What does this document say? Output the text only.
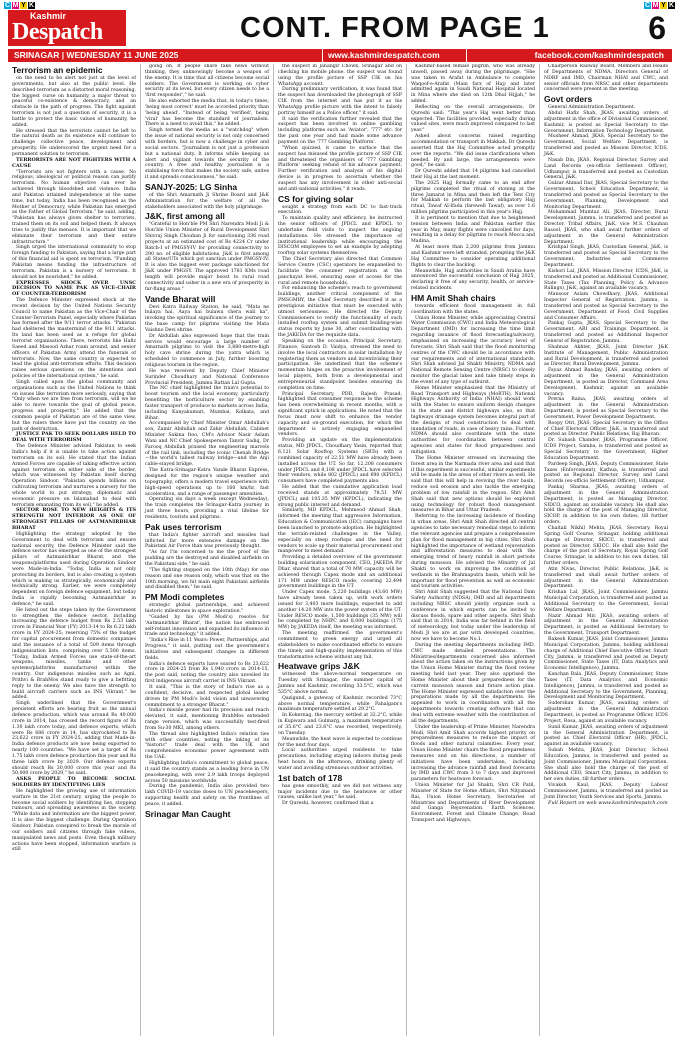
C M Y K	C M Y K
Kashmir
Despatch	CONT. FROM PAGE 1	6
SRINAGAR | WEDNESDAY 11 JUNE 2025	www.kashmirdespatch.com	facebook.com/kashmirdespatch
Terrorism an epidemic

on the need to be alert not just at the level of governments, but also at the public level. He described terrorism as a distorted moral reasoning, the biggest curse on humanity, a major threat to peaceful co-existence & democracy, and an obstacle in the path of progress. The fight against terrorism is not just a question of security, it is a battle to protect the basic values of humanity, he added.

He stressed that the terrorists cannot be left to the natural death as its existence will continue to challenge collective peace, development and prosperity. He underscored the urgent need for a permanent solution to terrorism.

TERRORISTS ARE NOT FIGHTERS WITH A CAUSE

"Terrorists are not fighters with a cause. No religious, ideological or political reason can justify terrorism. No human objective can ever be achieved through bloodshed and violence. India and Pakistan attained independence at the same time, but today, India has been recognised as the Mother of Democracy, while Pakistan has emerged as the Father of Global Terrorism," he said, adding, "Pakistan has always given shelter to terrorists, trained them on its soil and helped them. It always tries to justify this menace. It is important that we eliminate their terrorism and their entire infrastructure."

Singh urged the international community to stop foreign funding to Pakistan, saying that a large part of this financial aid is spent on terrorism. "Funding Pakistan means funding the infrastructure of terrorism. Pakistan is a nursery of terrorism. It should not be nourished," he added.

EXPRESSES SHOCK OVER UNSC DECISION TO NAME PAK AS VICE-CHAIR OF COUNTER-TERRORISM

The Defence Minister expressed shock at the recent decision by the United Nations Security Council to name Pakistan as the Vice-Chair of the Counter-Terrorism Panel, especially where Pakistan has formed after the 9/11 terror attacks. "Pakistan had sheltered the mastermind of the 9/11 attacks. Its land has been used as a refuge for global terrorist organisations. There, terrorists like Hafiz Saeed and Masood Azhar roam around, and senior officers of Pakistan Army attend the funerals of terrorists. Now, the same country is expected to lead the global anti-terrorism efforts. This decision raises serious questions on the intentions and policies of the international system," he said.

Singh called upon the global community and organisations such as the United Nations to think on issues like terrorism more seriously, saying that "Only when we are free from terrorism, will we be able to move towards the goal of global peace, progress and prosperity." He added that the common people of Pakistan are of the same view, but the rulers there have put the country on the path of destruction.

JUSTICE PAK TO SEEK DOLLARS HELD TO DEAL WITH TERRORISM

The Defence Minister advised Pakistan to seek India's help if it is unable to take action against terrorism on its soil. He stated that the Indian Armed Forces are capable of taking effective action against terrorism on either side of the border, which was witnessed by Pakistan itself during Operation Sindoor. "Pakistan spends billions on cultivating terrorism and nurtures a nursery for the whole world to put strategy, diplomatic and economic pressure on Islamabad to deal with terrorism emanating from its soil," he added.

SECTOR ROSE TO NEW HEIGHTS & ITS STRENGTH NOT INFERIOR AS ONE OF STRONGEST PILLARS OF AATMANIRBHAR BHARAT

Highlighting the strategy adopted by the Government to deal with terrorism and ensure national security, the Defence Minister said the defence sector has emerged as one of the strongest pillars of Aatmanirbhar Bharat, and the weapons/platforms used during Operation Sindoor were Made-in-India. "Today, India is not only protecting its borders, but is also creating a system which is making us strategically, economically and technically strong. Earlier, we were completely dependent on foreign defence equipment, but today India is rapidly becoming Aatmanirbhar in defence," he said.

He listed out the steps taken by the Government to strengthen the defence sector, including increasing the defence budget from Rs 2.53 lakh crore in Financial Year (FY) 2013-14 to Rs 6.22 lakh crore in FY 2024-25; reserving 75% of the budget for capital procurement from domestic companies and the issuance of a total of 509 items through indigenisation lists, comprising over 5,500 items. "Today, Indian Armed Forces use state-of-the-art weapons, missiles, tanks and other systems/platforms manufactured within the country. Our indigenous missiles such as Agni, Prithvi & BrahMos stand ready to give a befitting reply to the enemy. We also have the strength to build aircraft carriers such as INS Vikrant," he added.

Singh underlined that the Government's persistent efforts are bearing fruit as the annual defence production, which was around Rs 40,000 crore in 2014, has crossed the record figure of Rs 1.30 lakh crore today, and defence exports, which were Rs 686 crore in 14, has skyrocketed to Rs 23,622 crore in FY 2024-25, adding that Made-in-India defence products are now being exported to nearly 100 countries. "We have set a target of Rs 1.75 lakh crore defence production this year and Rs three lakh crore by 2029. Our defence exports should reach Rs 30,000 crore this year and Rs 50,000 crore by 2029," he said.

ASKS PEOPLE TO BECOME SOCIAL SOLDIERS BY IDENTIFYING LIES

He highlighted the growing use of information warfare in the 21st century, urging the people to become social soldiers by identifying lies, stopping rumours, and spreading awareness in the society. "While data and information are the biggest power, it is also the biggest challenge. During Operation Sindoor, Pakistan conspired to break the morale of our soldiers and citizens through fake videos, manipulated news and posts. Even though military actions have been stopped, information warfare is still

going on. If people share fake news without thinking, they unknowingly become a weapon of the enemy. It is time that all citizens become social soldiers. The Government is working on cyber security at its level, but every citizen needs to be a 'first responder'," he said.

He also exhorted the media that, in today's times, 'being most correct' must be accorded priority than 'being ahead'. "Instead of being 'verified', being 'viral' has become the standard of journalism. There is a need to avoid this," he added.

Singh termed the media as a "watchdog" when the issue of national security is not only concerned with borders, but is now a challenge in cyber and social sectors. "Journalism is not just a profession but a national duty. It informs while keeping us alert and vigilant towards the security of the country. A free and healthy journalism is a stabilising force that makes the society safe, unites it and spreads consciousness," he said.

SANJY-2025: LG Sinha

of the Shri Amarnath Ji Shrine Board and J&K Administration for the welfare of all the stakeholders associated with the holy pilgrimage.

J&K, first among all

"Grateful to Hon'ble PM Shri Narendra Modi Ji & Hon'ble Union Minister of Rural Development Shri Shivraj Singh Chouhan Ji for sanctioning 336 road projects at an estimated cost of Rs 4224 Cr under Batch-I of PMGSY-IV for providing connectivity to 290 no. of eligible habitations. J&K is first among all States/UTs which got sanction under PMGSY-IV. It is also the biggest ever package sanctioned for J&K under PMGSY. The approved 1781 KMs road length will provide major boost to rural road connectivity and usher in a new era of prosperity in far-flung areas."

Vande Bharat will

Devi Katra Railway Station, he said, "Mata ne bulaya hai, Aaya hai bulawa chera wali ka", invoking the spiritual significance of the journey to the base camp for pilgrims visiting the Mata Vaishno Devi shrine.

Dr Abdullah also expressed hope that the train service would encourage a large number of Amarnath pilgrims to visit the 3,880-metre-high holy cave shrine during the yatra which is scheduled to commence in July, further boosting religious tourism in the region.

He was received by Deputy Chief Minister Surinder Choudhary and National Conference Provincial President, Jammu Rattan Lal Gupta.

The NC chief highlighted the train's potential to boost tourism and the local economy, particularly benefiting the horticulture sector by enabling faster transport of produce to markets across India, including Kanyakumari, Mumbai, Kolkata, and Bihar.

Accompanied by Chief Minister Omar Abdullah's son, Zamir Abdullah and Zahir Abdullah, Cabinet Minister Sakina Itoo, CM's Advisor Nasir Aslam Wani and NC Chief Spokesperson Tanvir Sadiq, Dr Farooq Abdullah praised the engineering marvels of the rail link, including the iconic Chenab Bridge—the world's tallest railway bridge—and the Anji cable-stayed bridge.

The Katra-Srinagar-Katra Vande Bharat Express, designed for the region's unique weather and topography, offers a modern travel experience with high-speed operations up to 160 km/hr, fast acceleration, and a range of passenger amenities.

Operating six days a week (except Wednesday), the train completes the Srinagar-Katra journey in just three hours, providing a vital lifeline for residents, tourists and pilgrims.

Pak uses terrorism

that India's fighter aircraft and missiles had inflicted far more extensive damage on the Pakistani Air Force than was previously thought.

"As far I'm concerned to me the proof of the pudding are the destroyed and disabled airfields on the Pakistani side," he said.

"The fighting stopped on the 10th (May) for one reason and one reason only, which was that on the 10th morning, we hit main eight Pakistani airfields and disabled them," he said.

PM Modi completes

strategic global partnerships, and achieved historic milestones in space exploration."

"Guided by his (PM Modi's) resolve for 'Aatmanirbhar Bharat', the nation has embraced self-reliant innovation and expanded its influence in trade and technology," it added.

"India's Rise in 11 Years: Power, Partnerships, and Progress," it said, putting out the government's initiatives and subsequent changes in different fields.

India's defence exports have soared to Rs 23,622 crore in 2024-25 from Rs 1,940 crore in 2014-15, the post said, noting the country also unveiled its first indigenous aircraft carrier in INS Vikrant.

It said, "This is the story of India's rise as a confident, decisive, and respected global leader driven by PM Modi's bold vision and unwavering commitment to a stronger Bharat."

India's missile power had its precision and reach elevated, it said, mentioning BrahMos extended range version, which was successfully test-fired from Su-30 MKI, among others.

The thread also highlighted India's relation ties with other countries, noting the inking of its "historic" trade deal with the UK and comprehensive economic power agreement with the UAE.

Highlighting India's commitment to global peace, it said the country stands as a leading force in UN peacekeeping, with over 2.9 lakh troops deployed across 50 missions worldwide.

During the pandemic, India also provided two lakh COVID-19 vaccine doses to UN peacekeepers, supporting health and safety on the frontlines of peace, it added.

Srinagar Man Caught

the suspect in Jahangir Chowk, Srinagar and on checking his mobile phone, the suspect was found using the profile picture of SSP CIK on his WhatsApp account.

During preliminary verification, it was found that the suspect has downloaded the photograph of SSP CIK from the internet and has put it as his WhatsApp profile picture with the intent to falsely portray himself as a Police officer," it said.

It said the verification further revealed that the suspect has been involved in online gambling including platforms such as 'Aviator', '777' etc. for the past one year and had made some advance payment on the '777 Gambling Platform'.

"When quizzed, it came to surface that the suspect has misused the profile picture of SSP CIK and threatened the organisers of '777 Gambling Platform' seeking refund of his advance payment. Further verification and analysis of his digital device is in progress to ascertain whether the suspect has any involvement in other anti-social and anti-national activities," it reads.

CS for giving solar

sought a strategy from each DC to fast-track execution.

To maintain quality and efficiency, he instructed the senior officers of JPDCL and KPDCL to undertake field visits to inspect the ongoing installations. He stressed the importance of institutional leadership while encouraging the DISCOM employees to set an example by adopting rooftop solar systems themselves.

The Chief Secretary also directed that Common Service Centre (CSC) operators be empanelled to facilitate the consumer registration at the panchayat level, ensuring ease of access for the rural and remote households.

For enhancing the scheme's reach to government buildings, another critical component of the PMSGMBY, the Chief Secretary described it as a prestigious initiative that must be executed with utmost seriousness. He directed the Deputy Commissioners to verify the functionality of such installed rooftop system and submit building-wise status reports by June 30, after coordinating with the JAKEDA for the requisite data.

Speaking on the occasion, Principal Secretary, Finance, Santosh D. Vaidya, stressed the need to involve the local contractors in solar installation by registering them as vendors and incentivising their participation. He underlined that the scheme's momentum hinges on the proactive involvement of local players, both from a developmental and entrepreneurial standpoint besides ensuring its completion on time.

Principal Secretary, PDD, Rajesh Prasad, highlighted that consumer response to the scheme has been overwhelming in recent months, with a significant uptick in applications. He noted that the focus must now shift to enhance the vendor capacity and on-ground execution, for which the department is actively engaging empanelled vendors.

Providing an update on the implementation status, MD JPDCL, Choudhary Yasin, reported that 6,121 Solar Rooftop Systems (SRTs) with a combined capacity of 22.51 MW have already been installed across the UT. So far, 12,208 consumers under JPDCL and 8,108 under JPDCL have selected their vendors, while 802 (JPDCL) and 690 (KPDCL) consumers have completed payments also.

He added that the cumulative application load received stands at approximately 78.51 MW (JPDCL) and 105.35 MW (KPDCL), indicating the strong public interest and demand.

Similarly, MD KPDCL, Mehmood Ahmad Shah, informed the meeting that aggressive Information, Education & Communication (IEC) campaigns have been launched to promote adoption. He highlighted the terrain-related challenges in the Valley, especially on steep rooftops and the need for vendors to scale up their material procurement and manpower to meet demand.

Providing a detailed overview of the government building solarisation component, CEO, JAKEDA Pir Dhar, shared that a total of 70 MW capacity will be achieved through Capex mode and an additional 171 MW under RESCO mode, covering 22,494 government buildings in the UT.

Under Capex mode, 5,220 buildings (43.60 MW) have already been taken up, with work orders issued for 3,403 more buildings, expected to add another 14.20 MW into the power system of the UT. Under RESCO mode, 1,500 buildings (35 MW) will be completed by NHPC and 8,000 buildings (175 MW) by JAKEDA itself, the meeting was informed.

The meeting reaffirmed the government's commitment to green energy and urged all stakeholders to make coordinated efforts to ensure the timely and high-quality implementation of this transformative scheme without any fail.

Heatwave grips J&K

witnessed the above-normal temperature on Tuesday with Srinagar, the summer capital of Jammu and Kashmir, recording 33.5°C, which was 535°C above normal.

Qazigund, a gateway of Kashmir, recorded 73°C above normal temperature, while Pahalgam's maximum temperature settled at 29.2°C.

In Kokernag, the mercury settled at 32.2°C, while in Kupwara and Gulmarg, a maximum temperature of 35.6°C and 23.6°C was recorded, respectively, on Tuesday.

Meanwhile, the heat wave is expected to continue for the next four days.

Local authorities urged residents to take precautions, including staying indoors during peak heat hours in the afternoon, drinking plenty of water and avoiding strenuous outdoor activities.

1st batch of 178

has gone smoothly, and we did not witness any major incidents due to the heatwave or other causes, unlike last year," he said.

Dr Qureshi, however, confirmed that a

Kashmir-based female pilgrim, who was already unwell, passed away during the pilgrimage. "She was taken to Arafat in Ambulance to complete Waqoof-e-Arafat (Main farz of Haj) and later admitted again in Saudi National Hospital located in Mina where she died on 12th Dhul Hijjah," he added.

Reflecting on the overall arrangements, Dr Qureshi said: "This year's Haj went better than expected. The facilities provided, especially during valued sites, were much improved compared to last year."

Asked about concerns raised regarding accommodation or transport in Makkah, Dr Qureshi asserted that the Haj Committee acted promptly over the reports. "We did issue clarifications when needed. By and large, the arrangements were good," he said.

Dr Qureshi added that 14 pilgrims had cancelled their Haj at the last moment.

The 2025 Hajj formally came to an end after pilgrims completed the ritual of stoning at the three Jamarat in Mina and then left the Tent City for Makkah to perform the last obligatory Hajj ritual, Tawaf Al-Ifada (farewell Tawaf), as over 1.6 million pilgrims participated in this year's Hajj.

It is pertinent to mention that due to heightened tension between India and Pakistan earlier this year in May, many flights were cancelled for days, resulting in a delay for pilgrims to reach Mecca and Madina.

At least more than 2,200 pilgrims from Jammu and Kashmir were left stranded, prompting the J&K Haj Committee to consider operating additional flights to clear the backlog.

Meanwhile, Hajj authorities in Saudi Arabia have announced the successful conclusion of Hajj 2025, declaring it free of any security, health, or service-related incidents.

HM Amit Shah chairs

towards efficient flood management in full coordination with the states.

Union Home Minister, while appreciating Central Water Commission (CWC) and India Meteorological Department (IMD) for increasing the time limit regarding issuance of flood forecasting/advisory, emphasised on increasing the accuracy level of forecasts. Shri Shah said that the flood monitoring centres of the CWC should be in accordance with our requirements and of international standards. Shri Shah advised Jal Shakti Ministry, NDMA and National Remote Sensing Centre (NRSC) to closely monitor the glacial lakes and take timely steps in the event of any type of outburst.

Home Minister emphasized that the Ministry of Road Transport and Highways (MoRTH), National Highways Authority of India (NHAI) should work with the States to ensure uniform design changes in the state and district highways also, so that highways drainage system becomes integral part of the designs of road construction to deal with inundation of roads, in case of heavy rains. Further, NDMA should also coordinate with the state authorities for coordination between central agencies and states for flood preparedness and mitigation.

The Home Minister stressed on increasing the forest area in the Narmada river area and said that if this experiment is successful, similar experiments will be made in the areas of other rivers as well. He said that this will help in reviving the river basin, reduce soil erosion and also tackle the emerging problem of low rainfall in the region. Shri Amit Shah said that new options should be explored using technology for robust flood management measures in Bihar and Uttar Pradesh.

Referring to the increasing incidence of flooding in urban areas, Shri Amit Shah directed all central agencies to take necessary remedial steps to inform the relevant agencies and prepare a comprehensive plan for flood management in big cities. Shri Shah highlighted the importance of wetland rejuvenation and afforestation measures to deal with the emerging trend of heavy rainfall in short periods during monsoon. He advised the Ministry of Jal Shakti to work on improving the condition of wetlands in the Brahmaputra basin, which will be important for flood prevention as well as economic and tourism activities.

Shri Amit Shah suggested that the National Dam Safety Authority (NDSA), IMD and all departments including NRSC should jointly organize such a conference in which experts can be invited to discuss floods, spare and other aspects. Shri Shah said that in 2014, India was far behind in the field of meteorology, but today under the leadership of Modi Ji we are at par with developed countries, now we have to become No.1.

During the meeting departments including IMD, CWC made detailed presentations. The Ministries/departments concerned also informed about the action taken on the instructions given by the Union Home Minister during the flood review meeting held last year. They also apprised the Home Minister about their preparedness for the current monsoon season and future action plan. The Home Minister expressed satisfaction over the preparations made by all the departments. He appealed to work in coordination with all the departments towards creating software that can deal with extreme weather with the contribution of all the departments.

Under the leadership of Prime Minister, Narendra Modi, Shri Amit Shah accords highest priority on preparedness measures to reduce the impact of floods and other natural calamities. Every year, Union Home Minister chairs the flood preparedness measures and on his directions, a number of initiatives have been undertaken, including increasing the advance rainfall and flood forecasts by IMD and CWC from 3 to 7 days and improved parameters for heatwave forecast.

Union Minister for Jal Shakti, Shri CR Patil, Minister of State for Home Affairs, Shri Nityanand Rai, Union Home Secretary, Secretaries of Ministries and Departments of River Development and Ganga Rejuvenation, Earth Sciences, Environment, Forest and Climate Change, Road Transport and Highways,

Chairperson Railway Board, Members and Heads of Departments of NDMA, Directors General of NDRF and IMD, Chairman NHAI and CWC, and senior officials from NRSC and other departments concerned were present in the meeting.

Govt orders

General Administration Department.

Abdul Hafiz Shah, JKAS, awaiting orders of adjustment in the office of Divisional Commissioner, Kashmir, is posted as Special Secretary to the Government, Information Technology Department.

Musheer Ahmad, JKAS, Special Secretary to the Government, Social Welfare Department, is transferred and posted as Mission Director, ICDS, J&K.

Nasab Din, JKAS, Regional Director, Survey and Land Records (ex-officio Settlement Officer), Udhampur, is transferred and posted as Custodian General, J&K.

Gulzar Ahmad Dar, JKAS, Special Secretary to the Government, School Education Department, is transferred and posted as Special Secretary to the Government, Planning, Development and Monitoring Department.

Mohammad Mumtaz Ali, JKAS, Director, Rural Development, Jammu, is transferred and posted as Director, Tribal Affairs, J&K, vice M.S. Chauhan Rasool, JKAS, who shall await further orders of adjustment in the General Administration Department.

Krishpal Singh, JKAS, Custodian General, J&K, is transferred and posted as Special Secretary to the Government, Industries and Commerce Department.

Kishori Lal, JKAS, Mission Director, ICDS, J&K, is transferred and posted as Additional Commissioner, State Taxes (Tax Planning, Policy & Advance Rulings), J&K, against an available vacancy.

Mansoor Aslam Chowdhary, JKAS, Additional Inspector General of Registration, Jammu, is transferred and posted as Special Secretary to the Government, Department of Food, Civil Supplies and Consumer Affairs.

Pankaj Gupta, JKAS, Special Secretary to the Government, ARI and Trainings Department, is transferred and posted as Additional Inspector General of Registration, Jammu.

Shahnaz Akhter, JKAS, Joint Director J&K Institute of Management, Public Administration and Rural Development, is transferred and posted as Director, Rural Development, Jammu.

Fayaz Ahmad Banday, JKAS, awaiting orders of adjustment in the General Administration Department, is posted as Director, Command Area Development, Kashmir, against an available vacancy.

Prerna Raina, JKAS, awaiting orders of adjustment in the General Administration Department, is posted as Special Secretary to the Government, Power Development Department.

Roopy Otri, JKAS, Special Secretary in the Office of Chief Electoral Officer, J&K, is transferred and posted as Director, Public Relations, Raj Bhavan.

Dr. Subash Chander, JKAS, Programme Officer, ICDS Project, Samba, is transferred and posted as Special Secretary to the Government, Higher Education Department.

Pardeep Singh, JKAS, Deputy Commissioner, State Taxes (Enforcement), Kathua, is transferred and posted as Regional Director, Survey and Land Records (ex-officio Settlement Officer), Udhampur.

Pankaj Sharma, JKAS, awaiting orders of adjustment in the General Administration Department, is posted as Managing Director, SIDCO, against an available vacancy. He shall also hold the charge of the post of Managing Director, SICOP, in addition to his own duties, till further orders.

Chaitali Nikhil Mehta, JKAS, Secretary, Royal Spring Golf Course, Srinagar, holding additional charge of Director, SKICC, is transferred and posted as Director, SKICC. He shall also hold the charge of the post of Secretary, Royal Spring Golf Course, Srinagar, in addition to his own duties, till further orders.

Atin Nivas, Director, Public Relations, J&K, is transferred and shall await further orders of adjustment in the General Administration Department.

Krishan Lal, JKAS, Joint Commissioner, Jammu Municipal Corporation, is transferred and posted as Additional Secretary to the Government, Social Welfare Department.

Nazir Ahmad Mir, JKAS, awaiting orders of adjustment in the General Administration Department, is posted as Additional Secretary to the Government, Transport Department.

Rakesh Kumar, JKAS, Joint Commissioner, Jammu Municipal Corporation, Jammu, holding additional charge of Additional Chief Executive Officer, Smart City, Jammu, is transferred and posted as Deputy Commissioner, State Taxes (IT, Data Analytics and Economic Intelligence), Jammu.

Kanchan Bala, JKAS, Deputy Commissioner, State Taxes (IT, Data Analytics and Economic Intelligence), Jammu, is transferred and posted as Additional Secretary to the Government, Planning, Development and Monitoring Department.

Sudershan Kumar, JKAS, awaiting orders of adjustment in the General Administration Department, is posted as Programme Officer, ICDS Project, Rosa, against an available vacancy.

Sunil Kumar, JKAS, awaiting orders of adjustment in the General Administration Department, is posted as Chief Electoral Officer (HR), JPDCL, against an available vacancy.

Subah Mehta, JKAS, Joint Director, School Education, Jammu, is transferred and posted as Joint Commissioner, Jammu Municipal Corporation. She shall also hold the charge of the post of Additional CEO, Smart City, Jammu, in addition to her own duties, till further orders.

Vivaksh Kaul, JKAS, Deputy Labour Commissioner, Jammu, is transferred and posted as Joint Director, Youth Services and Sports, Jammu.

Full Report on web www.kashmirdespatch.com
